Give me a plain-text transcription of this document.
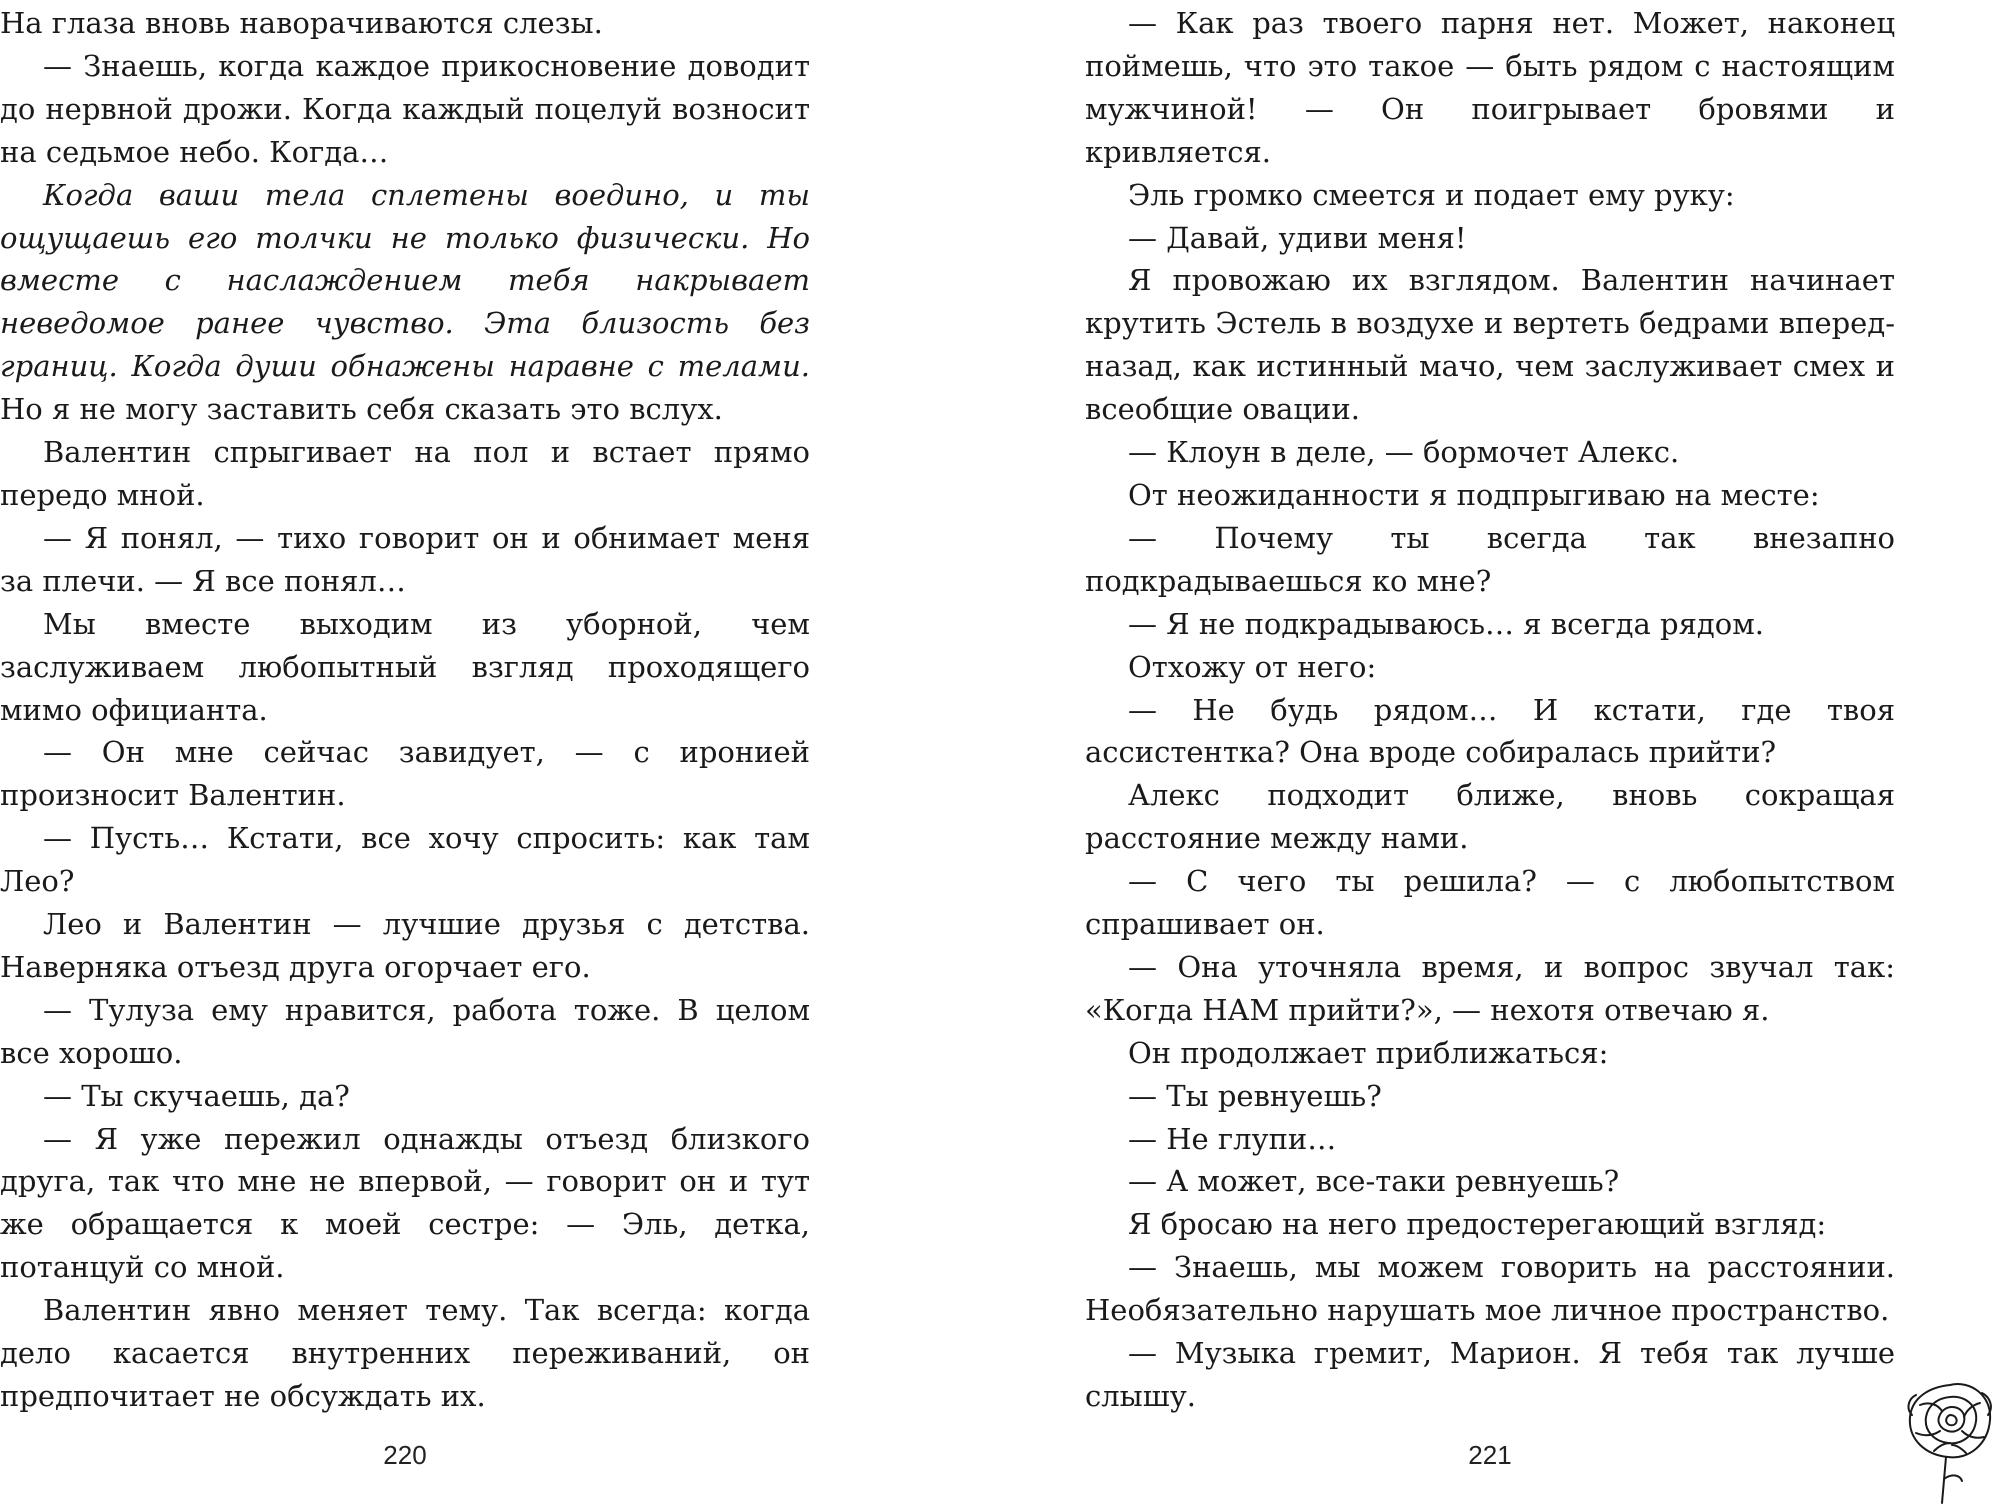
На глаза вновь наворачиваются слезы.

— Знаешь, когда каждое прикосновение доводит до нервной дрожи. Когда каждый поцелуй возносит на седьмое небо. Когда…

Когда ваши тела сплетены воедино, и ты ощущаешь его толчки не только физически. Но вместе с наслаждением тебя накрывает неведомое ранее чувство. Эта близость без границ. Когда души обнажены наравне с телами. Но я не могу заставить себя сказать это вслух.

Валентин спрыгивает на пол и встает прямо передо мной.

— Я понял, — тихо говорит он и обнимает меня за плечи. — Я все понял…

Мы вместе выходим из уборной, чем заслуживаем любопытный взгляд проходящего мимо официанта.

— Он мне сейчас завидует, — с иронией произносит Валентин.

— Пусть… Кстати, все хочу спросить: как там Лео?

Лео и Валентин — лучшие друзья с детства. Наверняка отъезд друга огорчает его.

— Тулуза ему нравится, работа тоже. В целом все хорошо.

— Ты скучаешь, да?

— Я уже пережил однажды отъезд близкого друга, так что мне не впервой, — говорит он и тут же обращается к моей сестре: — Эль, детка, потанцуй со мной.

Валентин явно меняет тему. Так всегда: когда дело касается внутренних переживаний, он предпочитает не обсуждать их.

220

— Как раз твоего парня нет. Может, наконец поймешь, что это такое — быть рядом с настоящим мужчиной! — Он поигрывает бровями и кривляется.

Эль громко смеется и подает ему руку:

— Давай, удиви меня!

Я провожаю их взглядом. Валентин начинает крутить Эстель в воздухе и вертеть бедрами вперед-назад, как истинный мачо, чем заслуживает смех и всеобщие овации.

— Клоун в деле, — бормочет Алекс.

От неожиданности я подпрыгиваю на месте:

— Почему ты всегда так внезапно подкрадываешься ко мне?

— Я не подкрадываюсь… я всегда рядом.

Отхожу от него:

— Не будь рядом… И кстати, где твоя ассистентка? Она вроде собиралась прийти?

Алекс подходит ближе, вновь сокращая расстояние между нами.

— С чего ты решила? — с любопытством спрашивает он.

— Она уточняла время, и вопрос звучал так: «Когда НАМ прийти?», — нехотя отвечаю я.

Он продолжает приближаться:

— Ты ревнуешь?

— Не глупи…

— А может, все-таки ревнуешь?

Я бросаю на него предостерегающий взгляд:

— Знаешь, мы можем говорить на расстоянии. Необязательно нарушать мое личное пространство.

— Музыка гремит, Марион. Я тебя так лучше слышу.

221
